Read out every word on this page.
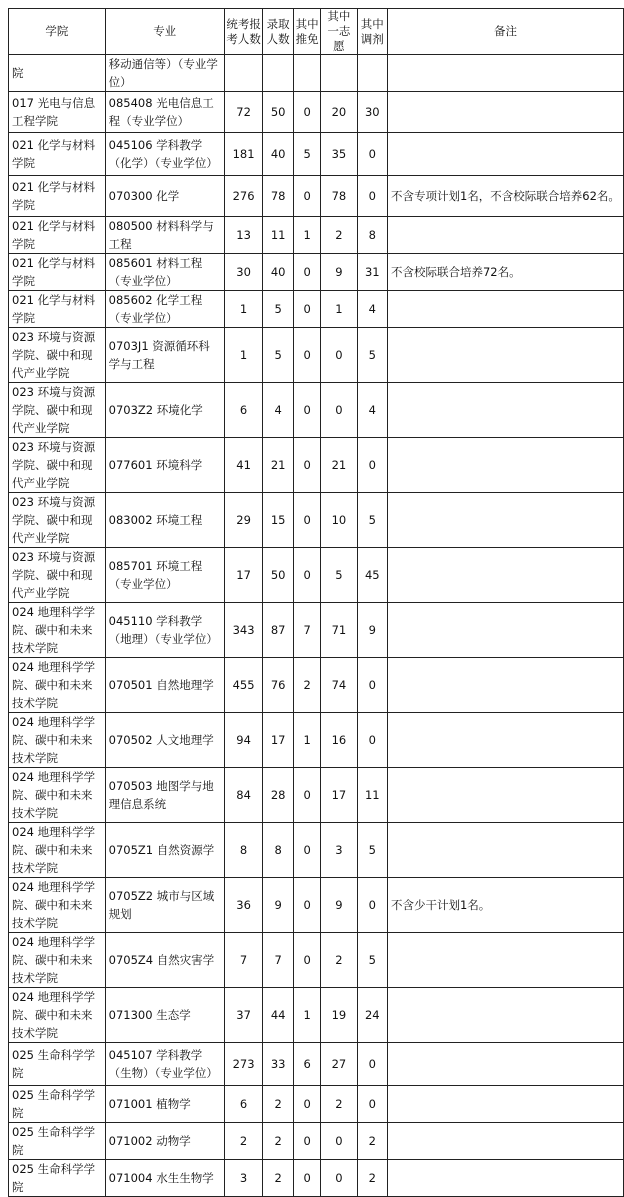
学院	专业	统考报考人数	录取人数	其中推免	其中一志愿	其中调剂	备注
院	移动通信等）（专业学位）						
017 光电与信息工程学院	085408 光电信息工程（专业学位）	72	50	0	20	30	
021 化学与材料学院	045106 学科教学（化学）（专业学位）	181	40	5	35	0	
021 化学与材料学院	070300 化学	276	78	0	78	0	不含专项计划1名，不含校际联合培养62名。
021 化学与材料学院	080500 材料科学与工程	13	11	1	2	8	
021 化学与材料学院	085601 材料工程（专业学位）	30	40	0	9	31	不含校际联合培养72名。
021 化学与材料学院	085602 化学工程（专业学位）	1	5	0	1	4	
023 环境与资源学院、碳中和现代产业学院	0703J1 资源循环科学与工程	1	5	0	0	5	
023 环境与资源学院、碳中和现代产业学院	0703Z2 环境化学	6	4	0	0	4	
023 环境与资源学院、碳中和现代产业学院	077601 环境科学	41	21	0	21	0	
023 环境与资源学院、碳中和现代产业学院	083002 环境工程	29	15	0	10	5	
023 环境与资源学院、碳中和现代产业学院	085701 环境工程（专业学位）	17	50	0	5	45	
024 地理科学学院、碳中和未来技术学院	045110 学科教学（地理）（专业学位）	343	87	7	71	9	
024 地理科学学院、碳中和未来技术学院	070501 自然地理学	455	76	2	74	0	
024 地理科学学院、碳中和未来技术学院	070502 人文地理学	94	17	1	16	0	
024 地理科学学院、碳中和未来技术学院	070503 地图学与地理信息系统	84	28	0	17	11	
024 地理科学学院、碳中和未来技术学院	0705Z1 自然资源学	8	8	0	3	5	
024 地理科学学院、碳中和未来技术学院	0705Z2 城市与区域规划	36	9	0	9	0	不含少干计划1名。
024 地理科学学院、碳中和未来技术学院	0705Z4 自然灾害学	7	7	0	2	5	
024 地理科学学院、碳中和未来技术学院	071300 生态学	37	44	1	19	24	
025 生命科学学院	045107 学科教学（生物）（专业学位）	273	33	6	27	0	
025 生命科学学院	071001 植物学	6	2	0	2	0	
025 生命科学学院	071002 动物学	2	2	0	0	2	
025 生命科学学院	071004 水生生物学	3	2	0	0	2	
